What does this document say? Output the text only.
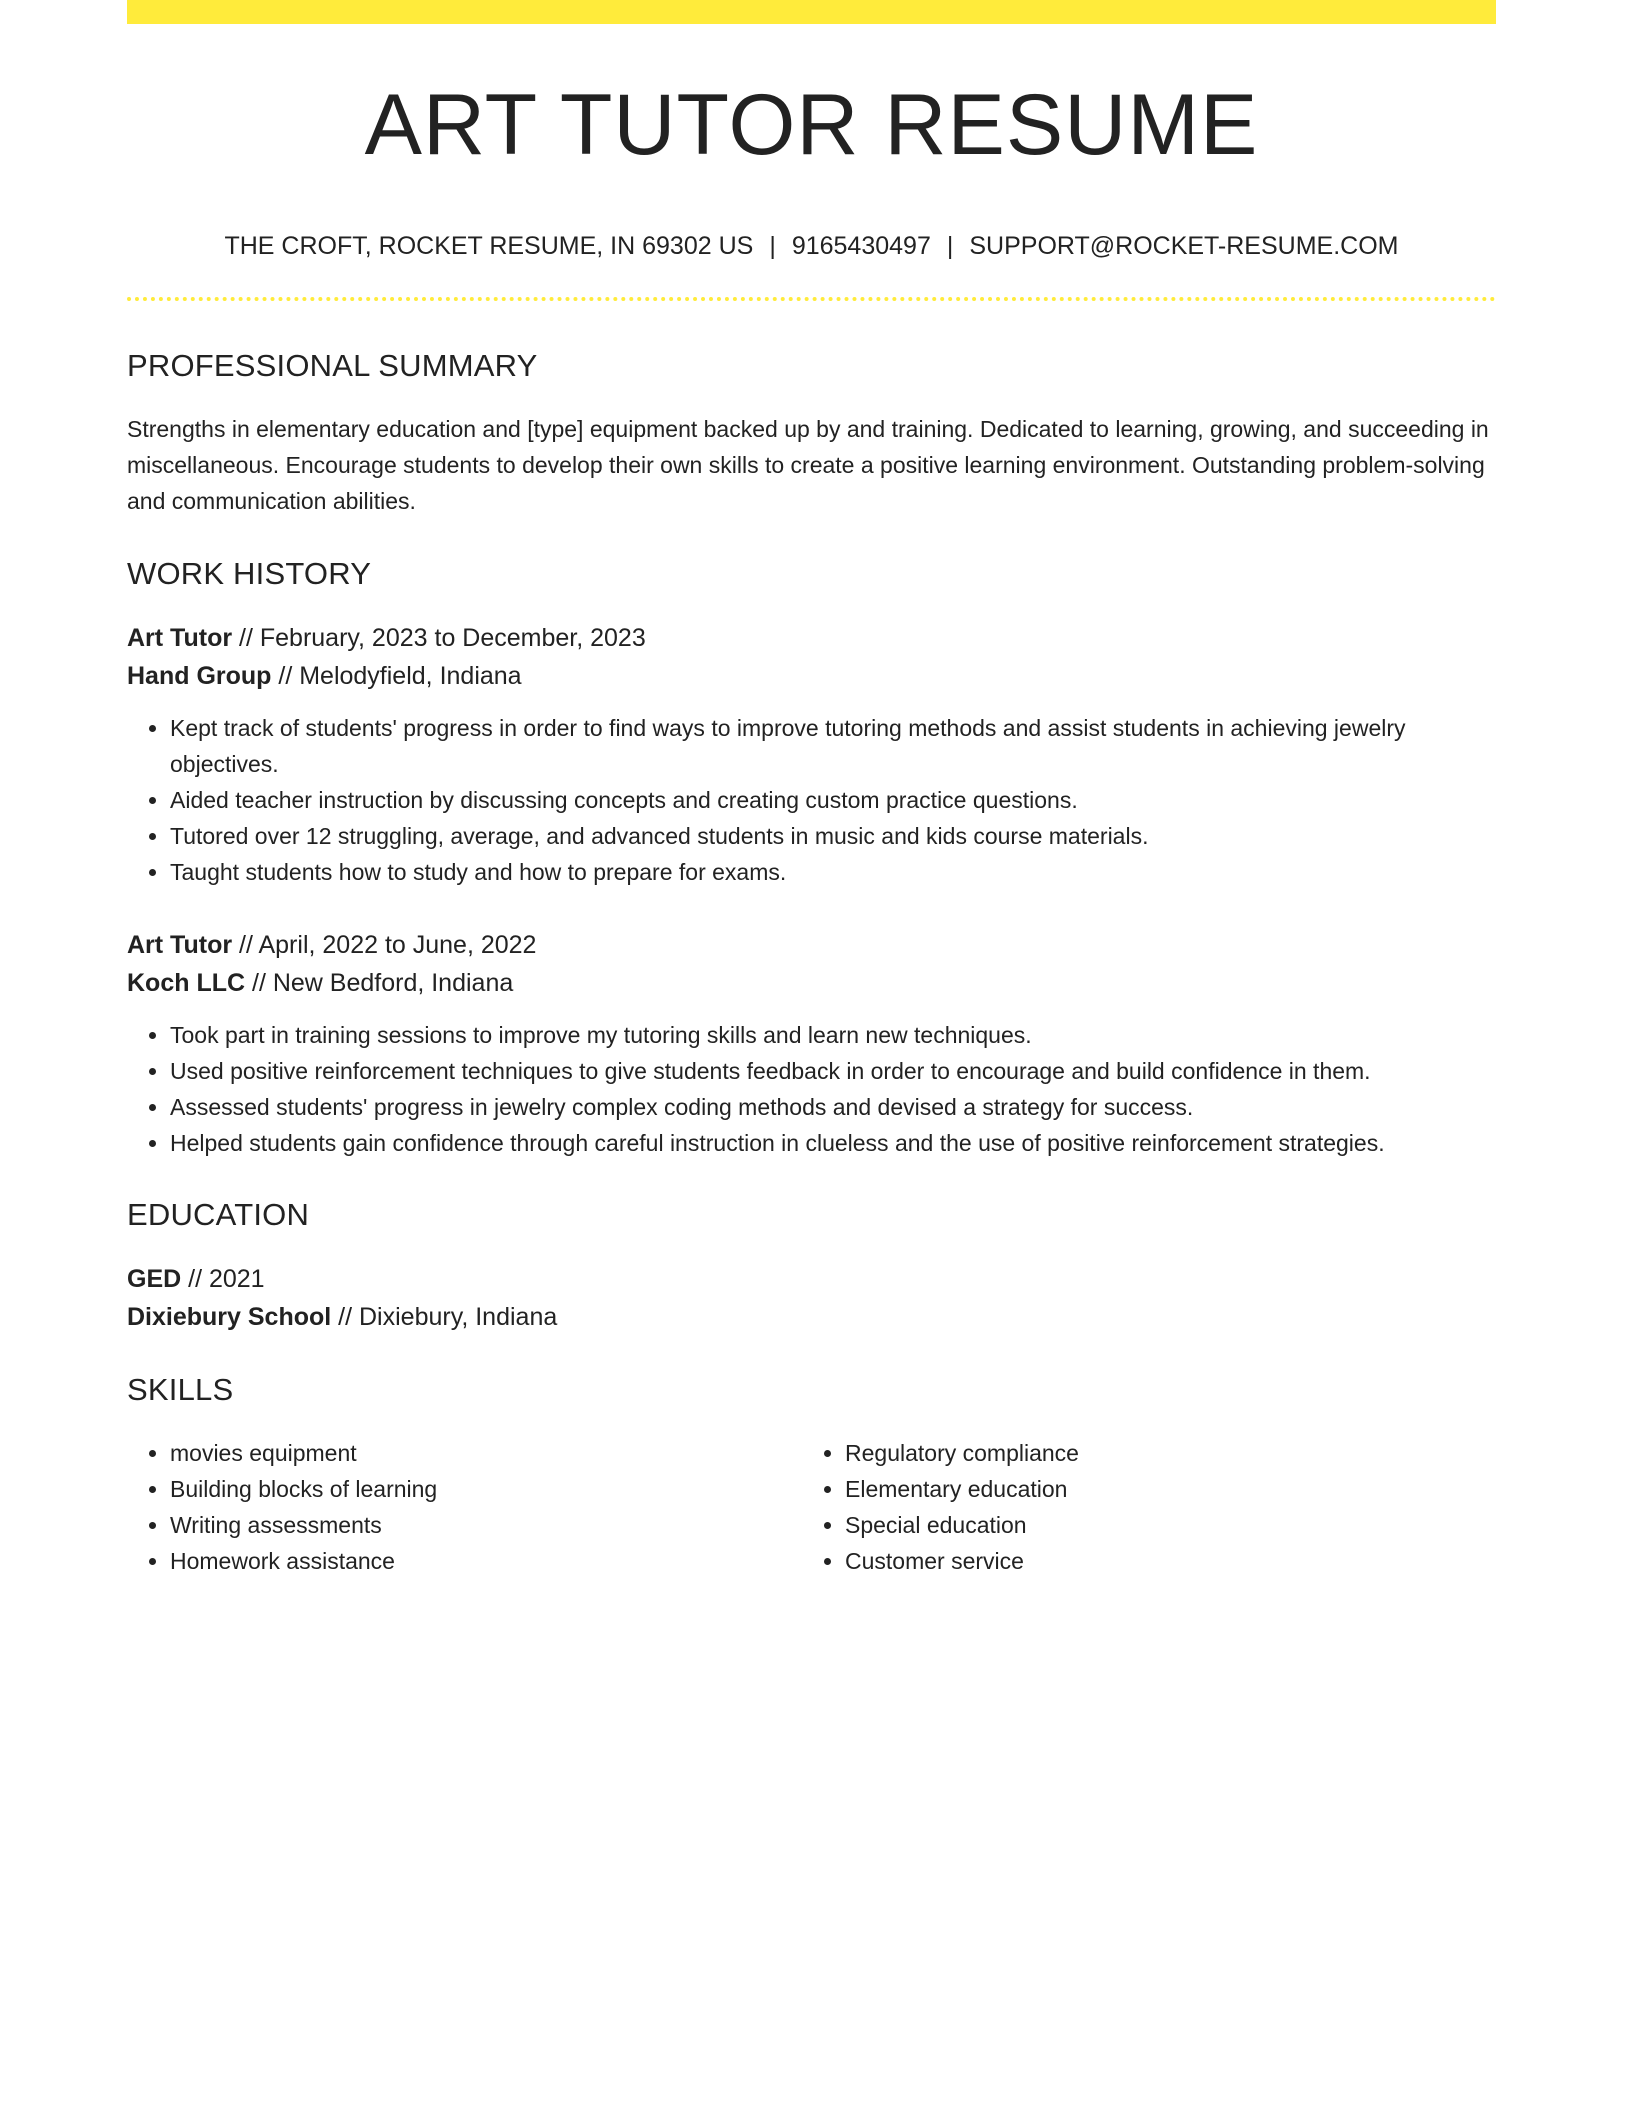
ART TUTOR RESUME
THE CROFT, ROCKET RESUME, IN 69302 US | 9165430497 | SUPPORT@ROCKET-RESUME.COM
PROFESSIONAL SUMMARY

Strengths in elementary education and [type] equipment backed up by and training. Dedicated to learning, growing, and succeeding in miscellaneous. Encourage students to develop their own skills to create a positive learning environment. Outstanding problem-solving and communication abilities.

WORK HISTORY
Art Tutor // February, 2023 to December, 2023
Hand Group // Melodyfield, Indiana
• Kept track of students' progress in order to find ways to improve tutoring methods and assist students in achieving jewelry objectives.
• Aided teacher instruction by discussing concepts and creating custom practice questions.
• Tutored over 12 struggling, average, and advanced students in music and kids course materials.
• Taught students how to study and how to prepare for exams.
Art Tutor // April, 2022 to June, 2022
Koch LLC // New Bedford, Indiana
• Took part in training sessions to improve my tutoring skills and learn new techniques.
• Used positive reinforcement techniques to give students feedback in order to encourage and build confidence in them.
• Assessed students' progress in jewelry complex coding methods and devised a strategy for success.
• Helped students gain confidence through careful instruction in clueless and the use of positive reinforcement strategies.
EDUCATION
GED // 2021
Dixiebury School // Dixiebury, Indiana
SKILLS
• movies equipment
• Building blocks of learning
• Writing assessments
• Homework assistance
• Regulatory compliance
• Elementary education
• Special education
• Customer service
